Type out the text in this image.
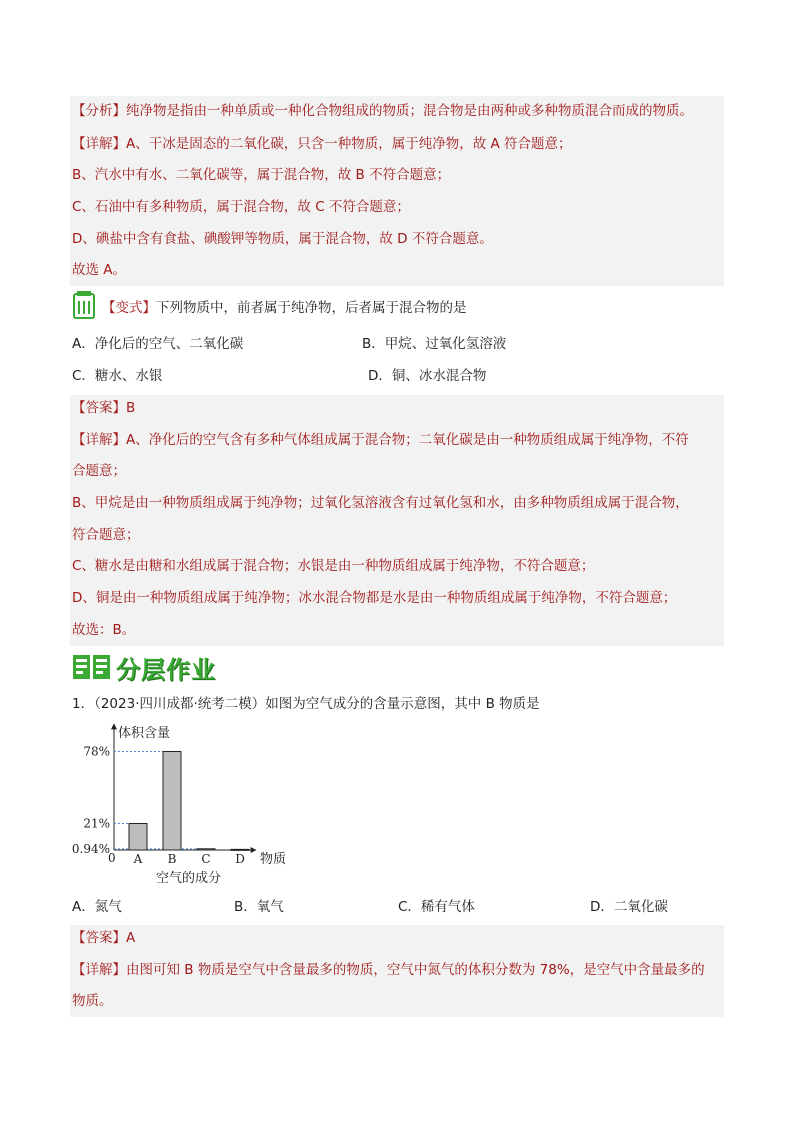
【分析】纯净物是指由一种单质或一种化合物组成的物质；混合物是由两种或多种物质混合而成的物质。
【详解】A、干冰是固态的二氧化碳，只含一种物质，属于纯净物，故 A 符合题意；
B、汽水中有水、二氧化碳等，属于混合物，故 B 不符合题意；
C、石油中有多种物质，属于混合物，故 C 不符合题意；
D、碘盐中含有食盐、碘酸钾等物质，属于混合物，故 D 不符合题意。
故选 A。
【变式】下列物质中，前者属于纯净物，后者属于混合物的是
A．净化后的空气、二氧化碳	B．甲烷、过氧化氢溶液
C．糖水、水银	D．铜、冰水混合物
【答案】B
【详解】A、净化后的空气含有多种气体组成属于混合物；二氧化碳是由一种物质组成属于纯净物，不符
合题意；
B、甲烷是由一种物质组成属于纯净物；过氧化氢溶液含有过氧化氢和水，由多种物质组成属于混合物，
符合题意；
C、糖水是由糖和水组成属于混合物；水银是由一种物质组成属于纯净物，不符合题意；
D、铜是由一种物质组成属于纯净物；冰水混合物都是水是由一种物质组成属于纯净物，不符合题意；
故选：B。
分层作业
1．（2023·四川成都·统考二模）如图为空气成分的含量示意图，其中 B 物质是
体积含量
物质
空气的成分
0
78%
21%
0.94%
A B C D
A．氮气	B．氧气	C．稀有气体	D．二氧化碳
【答案】A
【详解】由图可知 B 物质是空气中含量最多的物质，空气中氮气的体积分数为 78%，是空气中含量最多的
物质。
